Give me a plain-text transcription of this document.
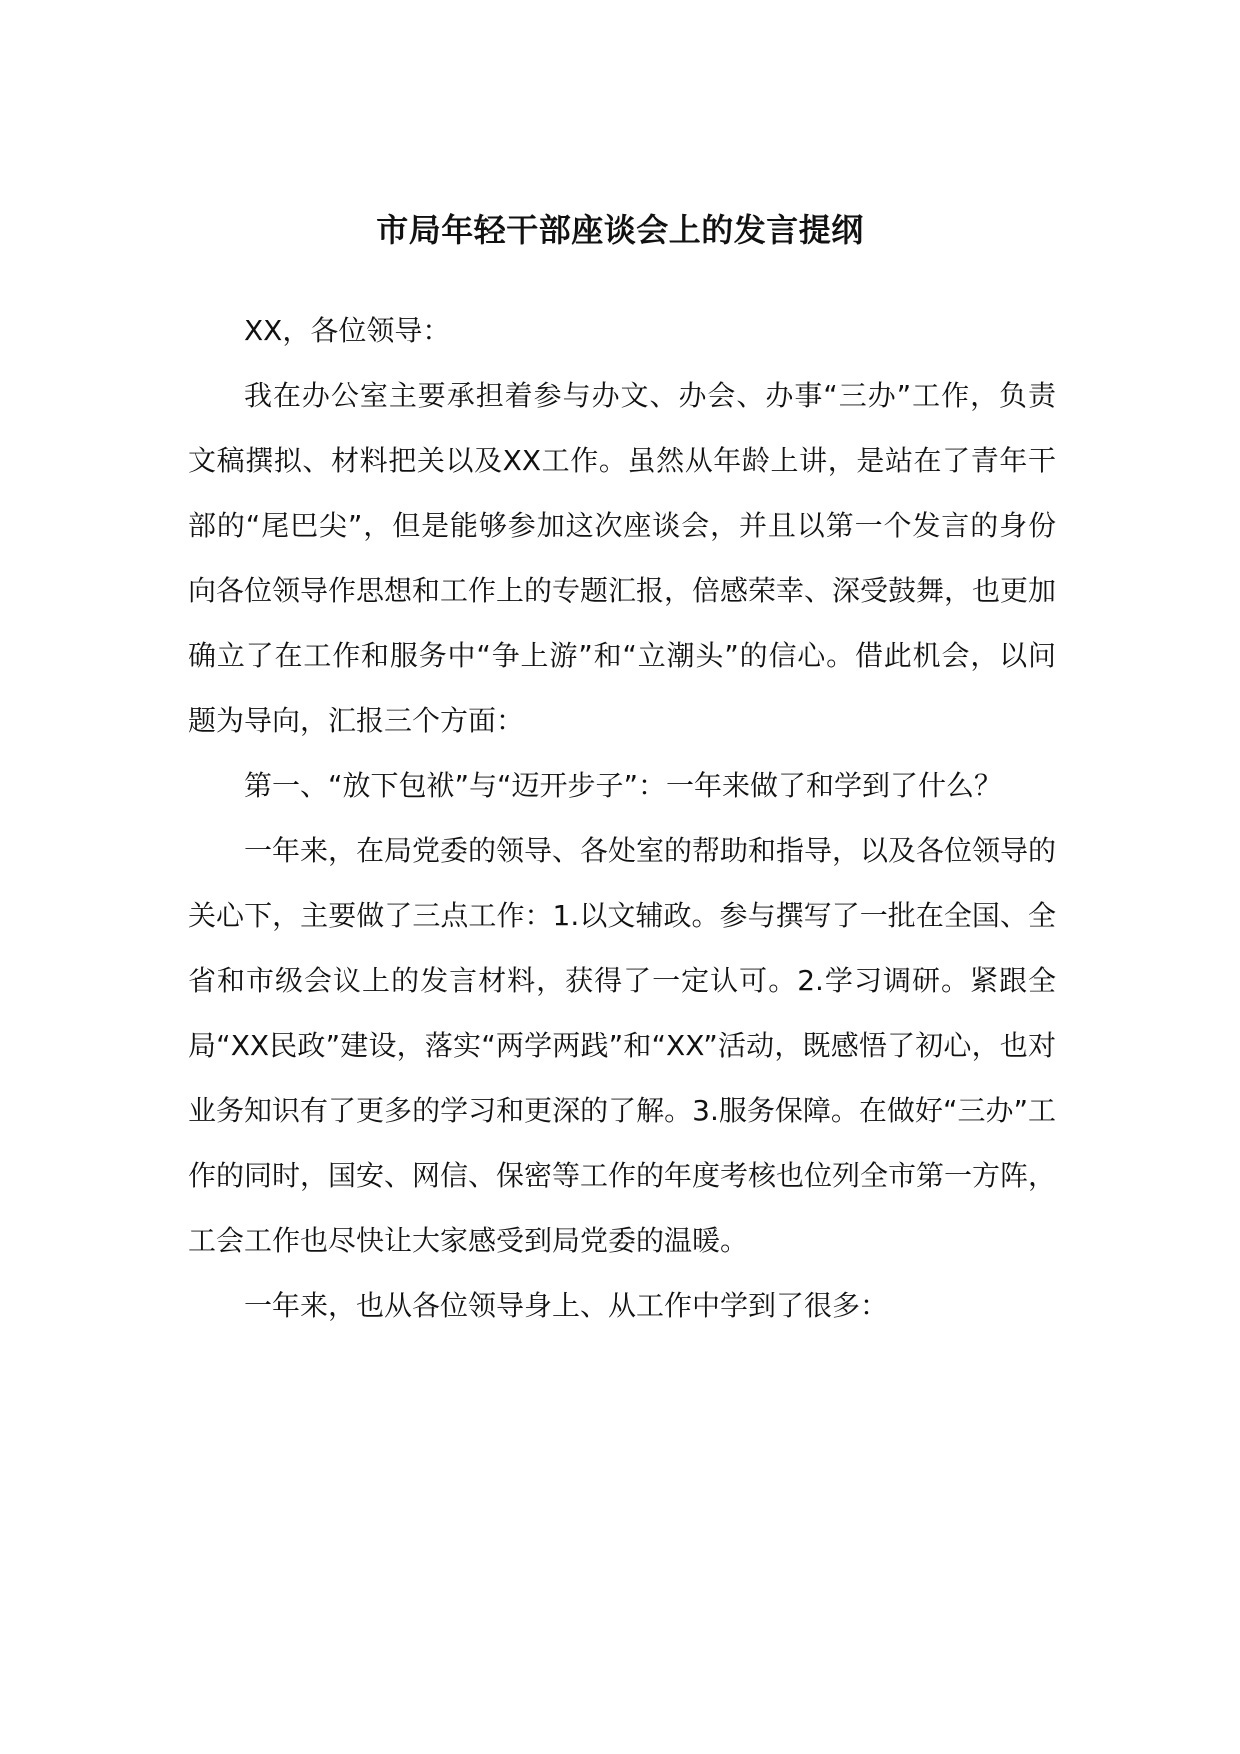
市局年轻干部座谈会上的发言提纲

XX，各位领导：

我在办公室主要承担着参与办文、办会、办事“三办”工作，负责文稿撰拟、材料把关以及XX工作。虽然从年龄上讲，是站在了青年干部的“尾巴尖”，但是能够参加这次座谈会，并且以第一个发言的身份向各位领导作思想和工作上的专题汇报，倍感荣幸、深受鼓舞，也更加确立了在工作和服务中“争上游”和“立潮头”的信心。借此机会，以问题为导向，汇报三个方面：

第一、“放下包袱”与“迈开步子”：一年来做了和学到了什么？

一年来，在局党委的领导、各处室的帮助和指导，以及各位领导的关心下，主要做了三点工作：1.以文辅政。参与撰写了一批在全国、全省和市级会议上的发言材料，获得了一定认可。2.学习调研。紧跟全局“XX民政”建设，落实“两学两践”和“XX”活动，既感悟了初心，也对业务知识有了更多的学习和更深的了解。3.服务保障。在做好“三办”工作的同时，国安、网信、保密等工作的年度考核也位列全市第一方阵，工会工作也尽快让大家感受到局党委的温暖。

一年来，也从各位领导身上、从工作中学到了很多：
